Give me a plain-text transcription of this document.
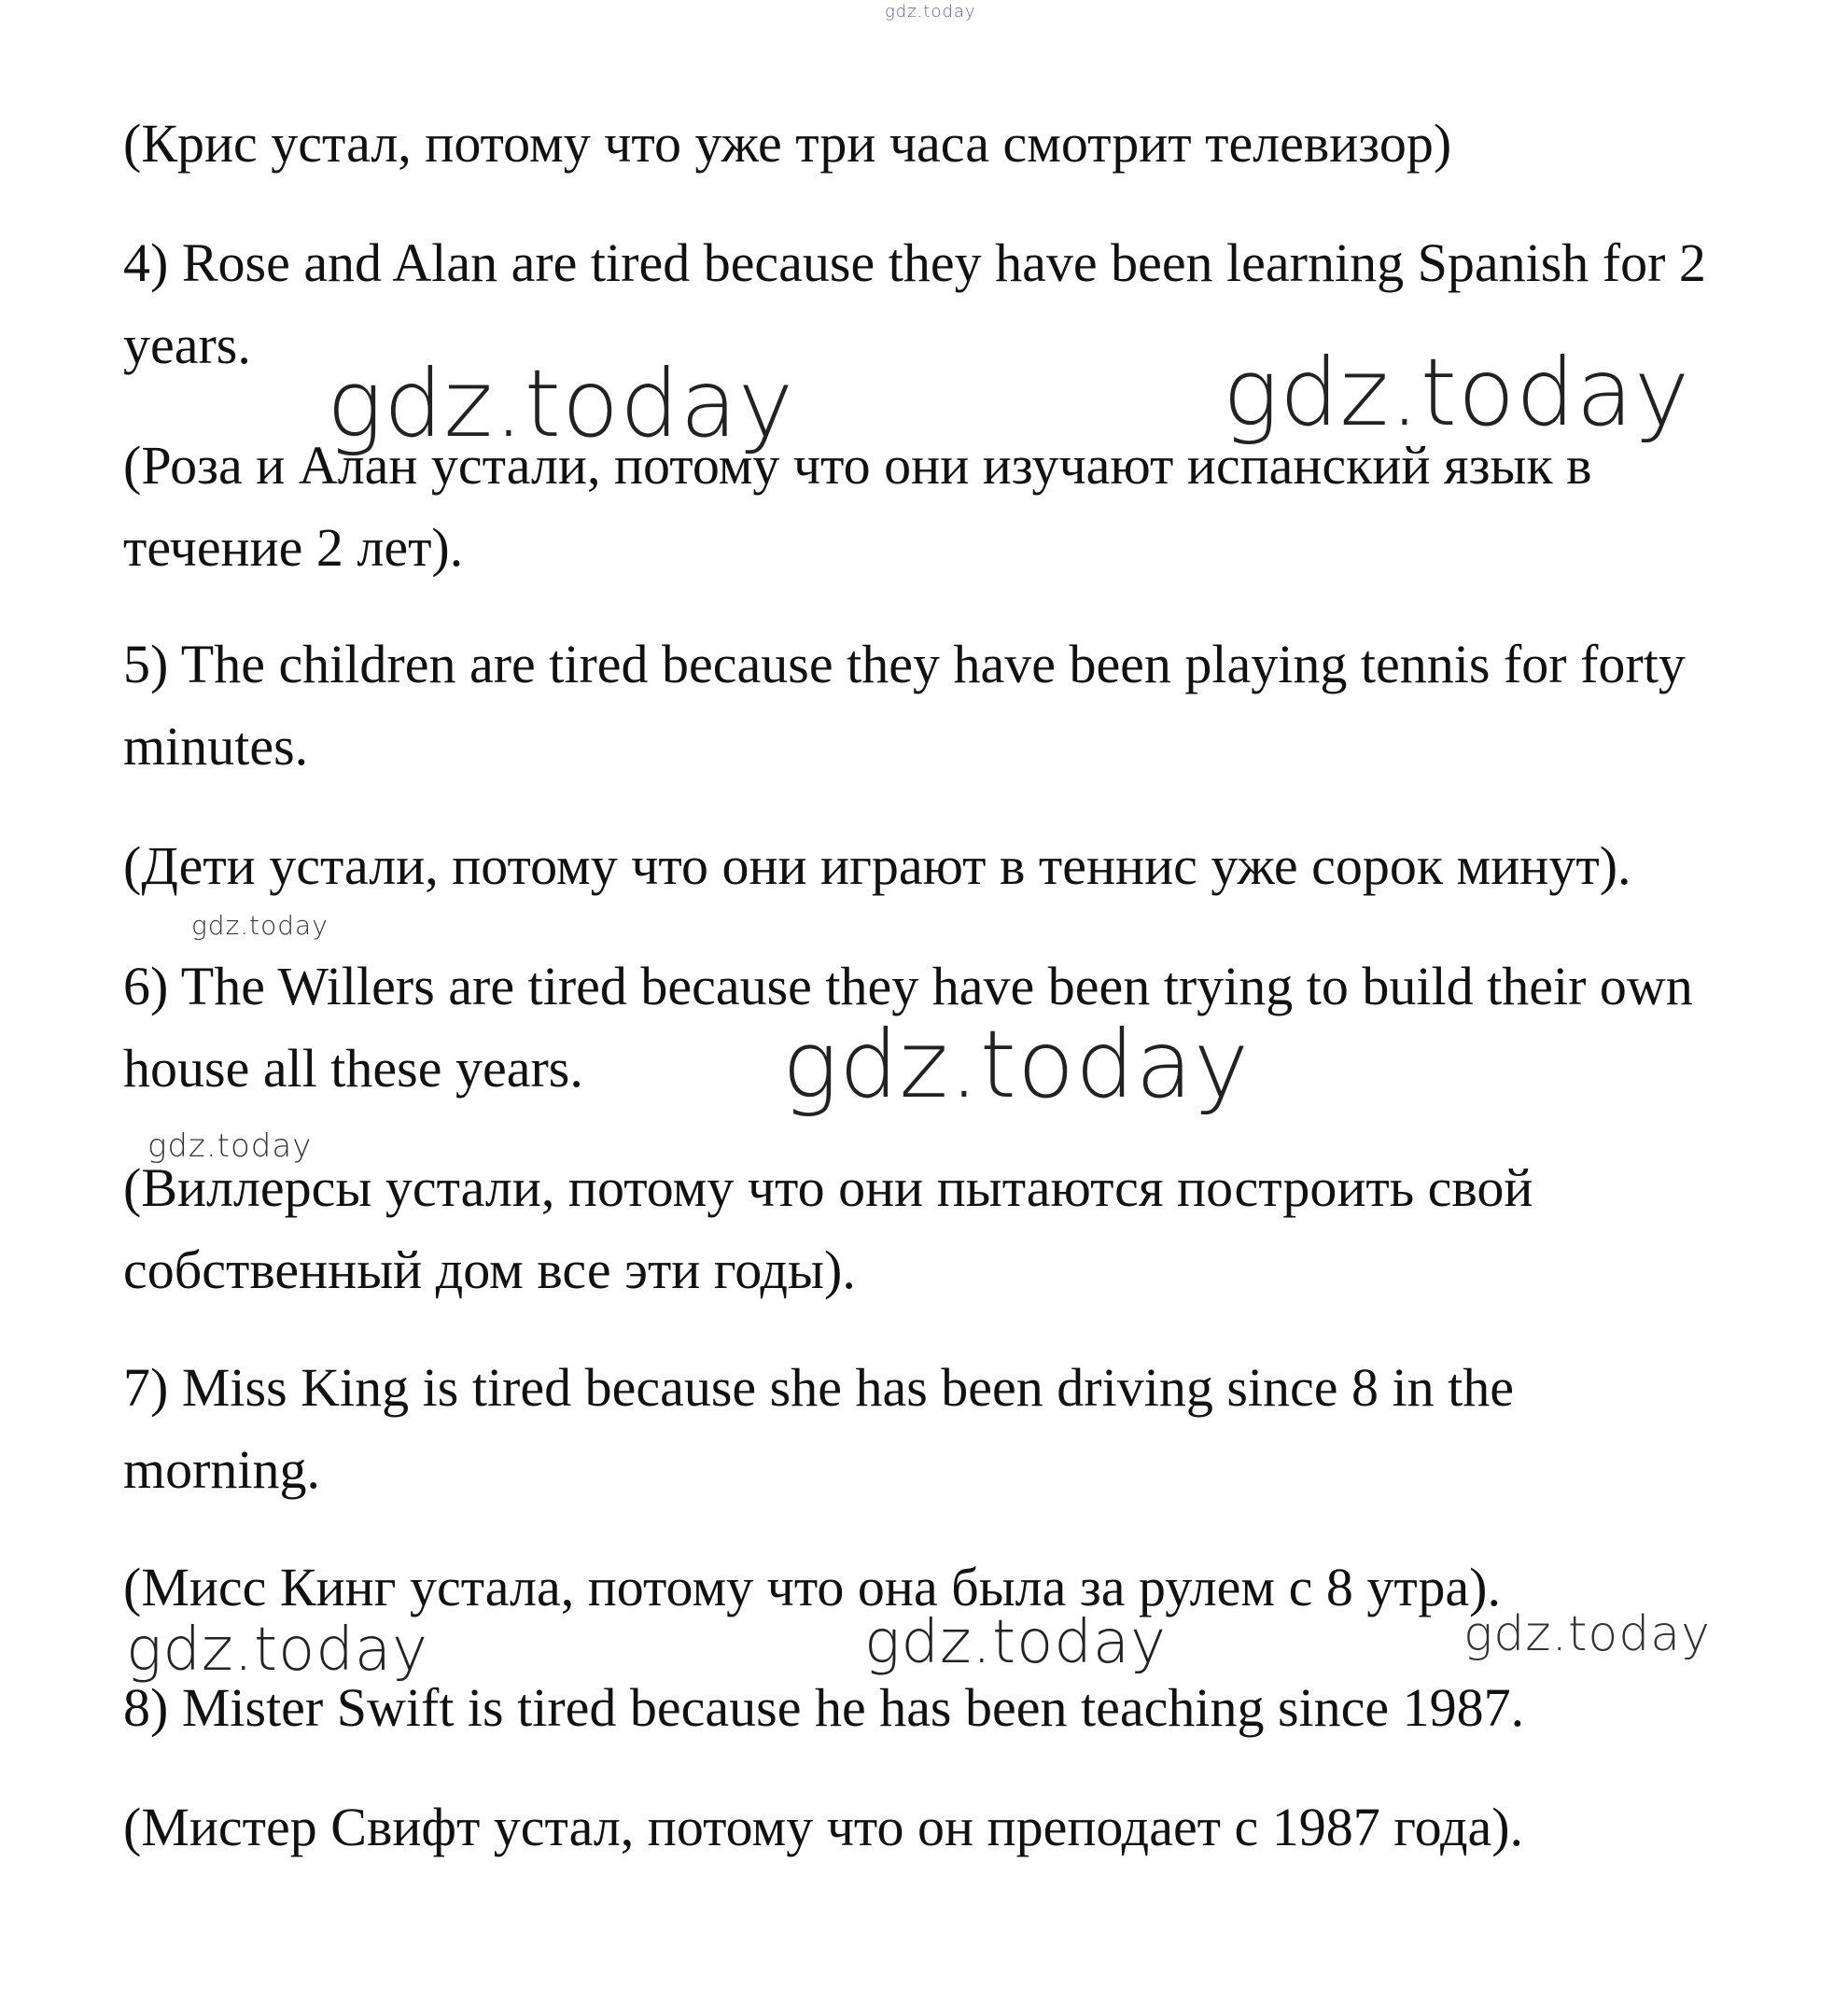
gdz.today

(Крис устал, потому что уже три часа смотрит телевизор)

4) Rose and Alan are tired because they have been learning Spanish for 2

years.

gdz.today	gdz.today

(Роза и Алан устали, потому что они изучают испанский язык в

течение 2 лет).

5) The children are tired because they have been playing tennis for forty

minutes.

(Дети устали, потому что они играют в теннис уже сорок минут).

gdz.today

6) The Willers are tired because they have been trying to build their own

house all these years. gdz.today
gdz.today

(Виллерсы устали, потому что они пытаются построить свой

собственный дом все эти годы).

7) Miss King is tired because she has been driving since 8 in the

morning.

(Мисс Кинг устала, потому что она была за рулем с 8 утра).

gdz.today	gdz.today	gdz.today

8) Mister Swift is tired because he has been teaching since 1987.

(Мистер Свифт устал, потому что он преподает с 1987 года).
